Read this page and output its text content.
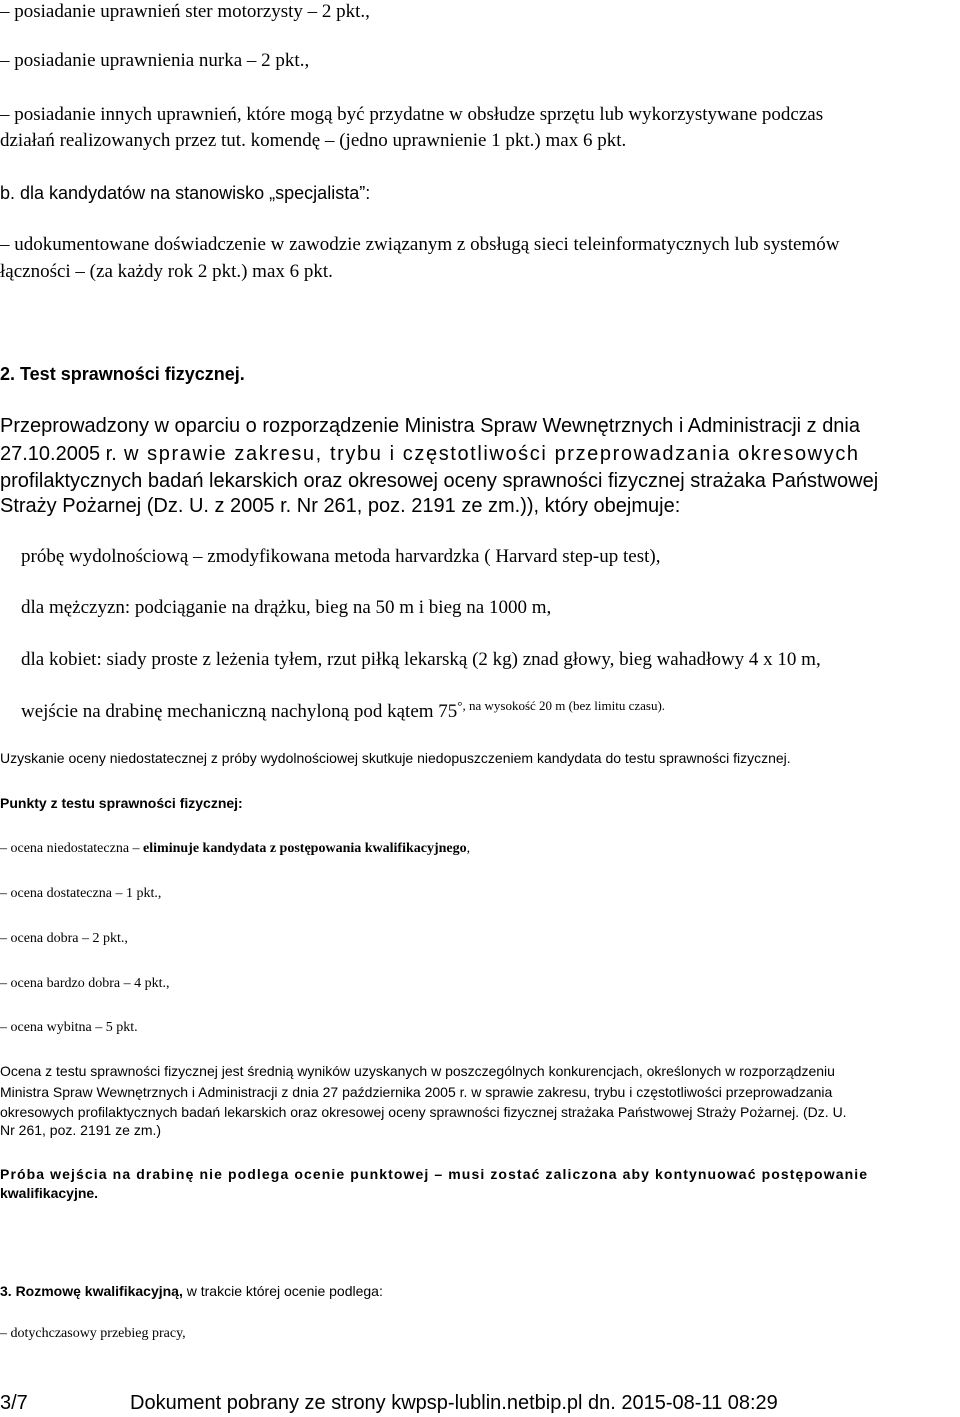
– posiadanie uprawnień ster motorzysty – 2 pkt.,
– posiadanie uprawnienia nurka – 2 pkt.,
– posiadanie innych uprawnień, które mogą być przydatne w obsłudze sprzętu lub wykorzystywane podczas
działań realizowanych przez tut. komendę – (jedno uprawnienie 1 pkt.) max 6 pkt.
b. dla kandydatów na stanowisko „specjalista”:
– udokumentowane doświadczenie w zawodzie związanym z obsługą sieci teleinformatycznych lub systemów
łączności – (za każdy rok 2 pkt.) max 6 pkt.
2. Test sprawności fizycznej.
Przeprowadzony w oparciu o rozporządzenie Ministra Spraw Wewnętrznych i Administracji z dnia
27.10.2005 r. w sprawie zakresu, trybu i częstotliwości przeprowadzania okresowych
profilaktycznych badań lekarskich oraz okresowej oceny sprawności fizycznej strażaka Państwowej
Straży Pożarnej (Dz. U. z 2005 r. Nr 261, poz. 2191 ze zm.)), który obejmuje:
próbę wydolnościową – zmodyfikowana metoda harvardzka ( Harvard step-up test),
dla mężczyzn: podciąganie na drążku, bieg na 50 m i bieg na 1000 m,
dla kobiet: siady proste z leżenia tyłem, rzut piłką lekarską (2 kg) znad głowy, bieg wahadłowy 4 x 10 m,
wejście na drabinę mechaniczną nachyloną pod kątem $75^{^\circ, na wysokość 20 m (bez limitu czasu).}$
Uzyskanie oceny niedostatecznej z próby wydolnościowej skutkuje niedopuszczeniem kandydata do testu sprawności fizycznej.
Punkty z testu sprawności fizycznej:
– ocena niedostateczna – eliminuje kandydata z postępowania kwalifikacyjnego,
– ocena dostateczna – 1 pkt.,
– ocena dobra – 2 pkt.,
– ocena bardzo dobra – 4 pkt.,
– ocena wybitna – 5 pkt.
Ocena z testu sprawności fizycznej jest średnią wyników uzyskanych w poszczególnych konkurencjach, określonych w rozporządzeniu
Ministra Spraw Wewnętrznych i Administracji z dnia 27 października 2005 r. w sprawie zakresu, trybu i częstotliwości przeprowadzania
okresowych profilaktycznych badań lekarskich oraz okresowej oceny sprawności fizycznej strażaka Państwowej Straży Pożarnej. (Dz. U.
Nr 261, poz. 2191 ze zm.)
Próba wejścia na drabinę nie podlega ocenie punktowej – musi zostać zaliczona aby kontynuować postępowanie
kwalifikacyjne.
3. Rozmowę kwalifikacyjną, w trakcie której ocenie podlega:
– dotychczasowy przebieg pracy,
3/7	Dokument pobrany ze strony kwpsp-lublin.netbip.pl dn. 2015-08-11 08:29
